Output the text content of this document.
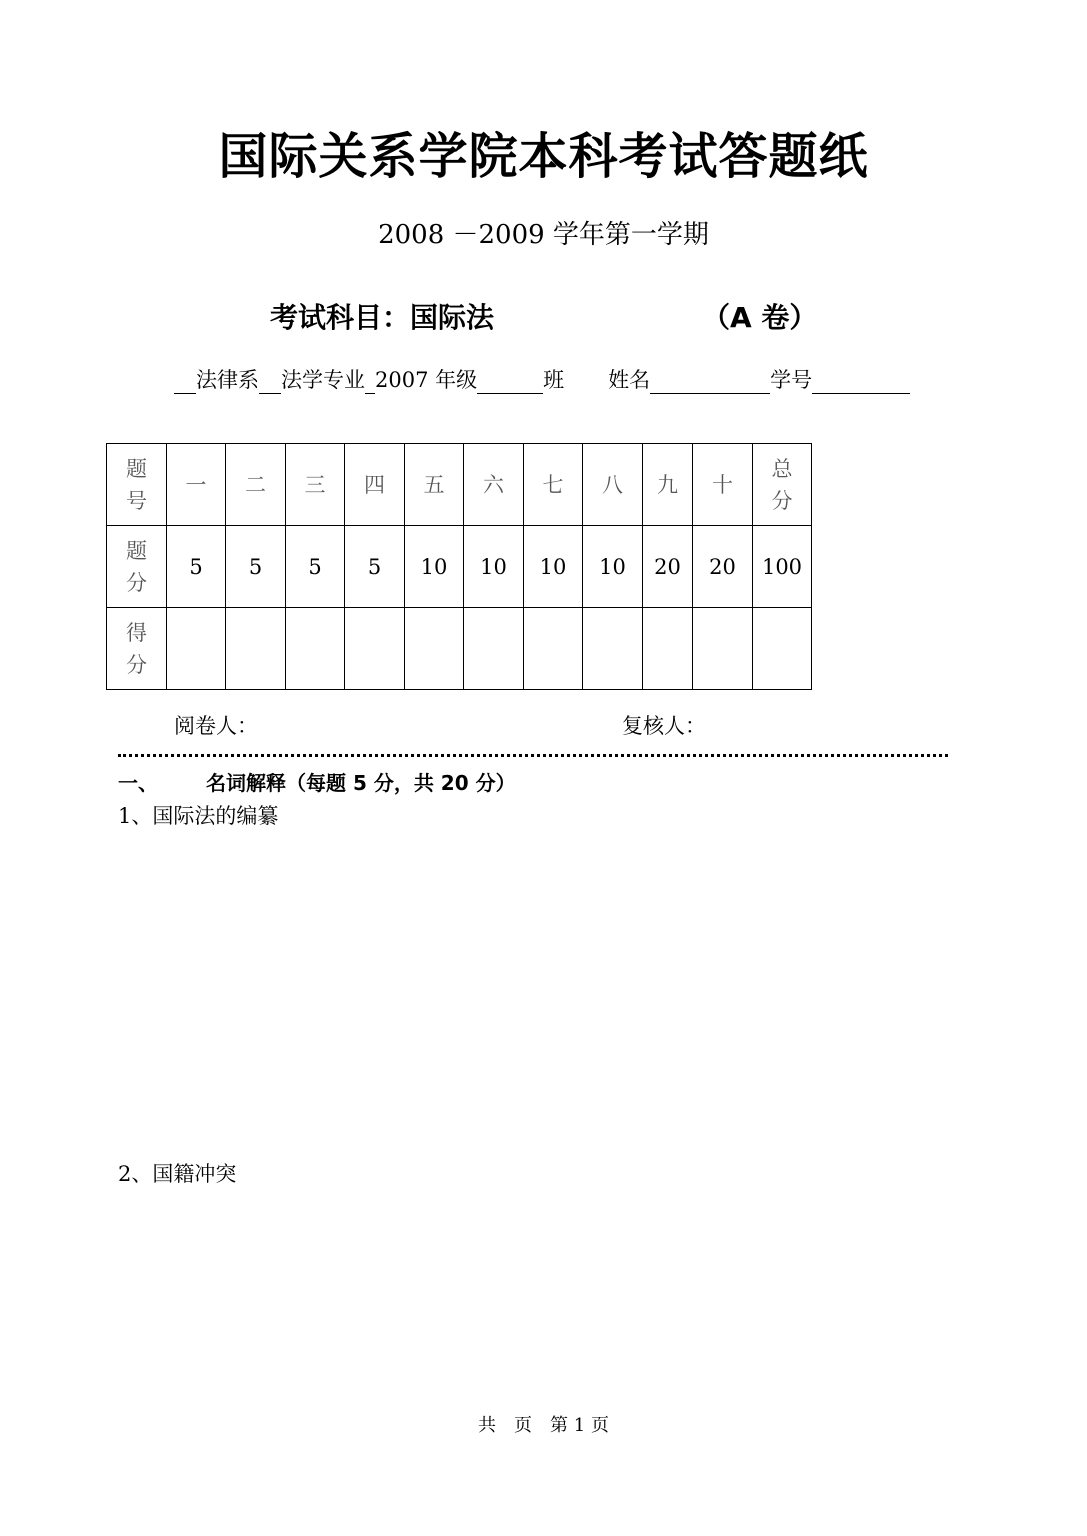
国际关系学院本科考试答题纸
2008 －2009 学年第一学期
考试科目：国际法	（A 卷）
法律系 法学专业 2007 年级	班 姓名	学号
题号	一	二	三	四	五	六	七	八	九	十	总分
题分	5	5	5	5	10	10	10	10	20	20	100
得分											
阅卷人：	复核人：
一、 名词解释（每题 5 分，共 20 分）
1、国际法的编纂
2、国籍冲突
共　页　第 1 页
